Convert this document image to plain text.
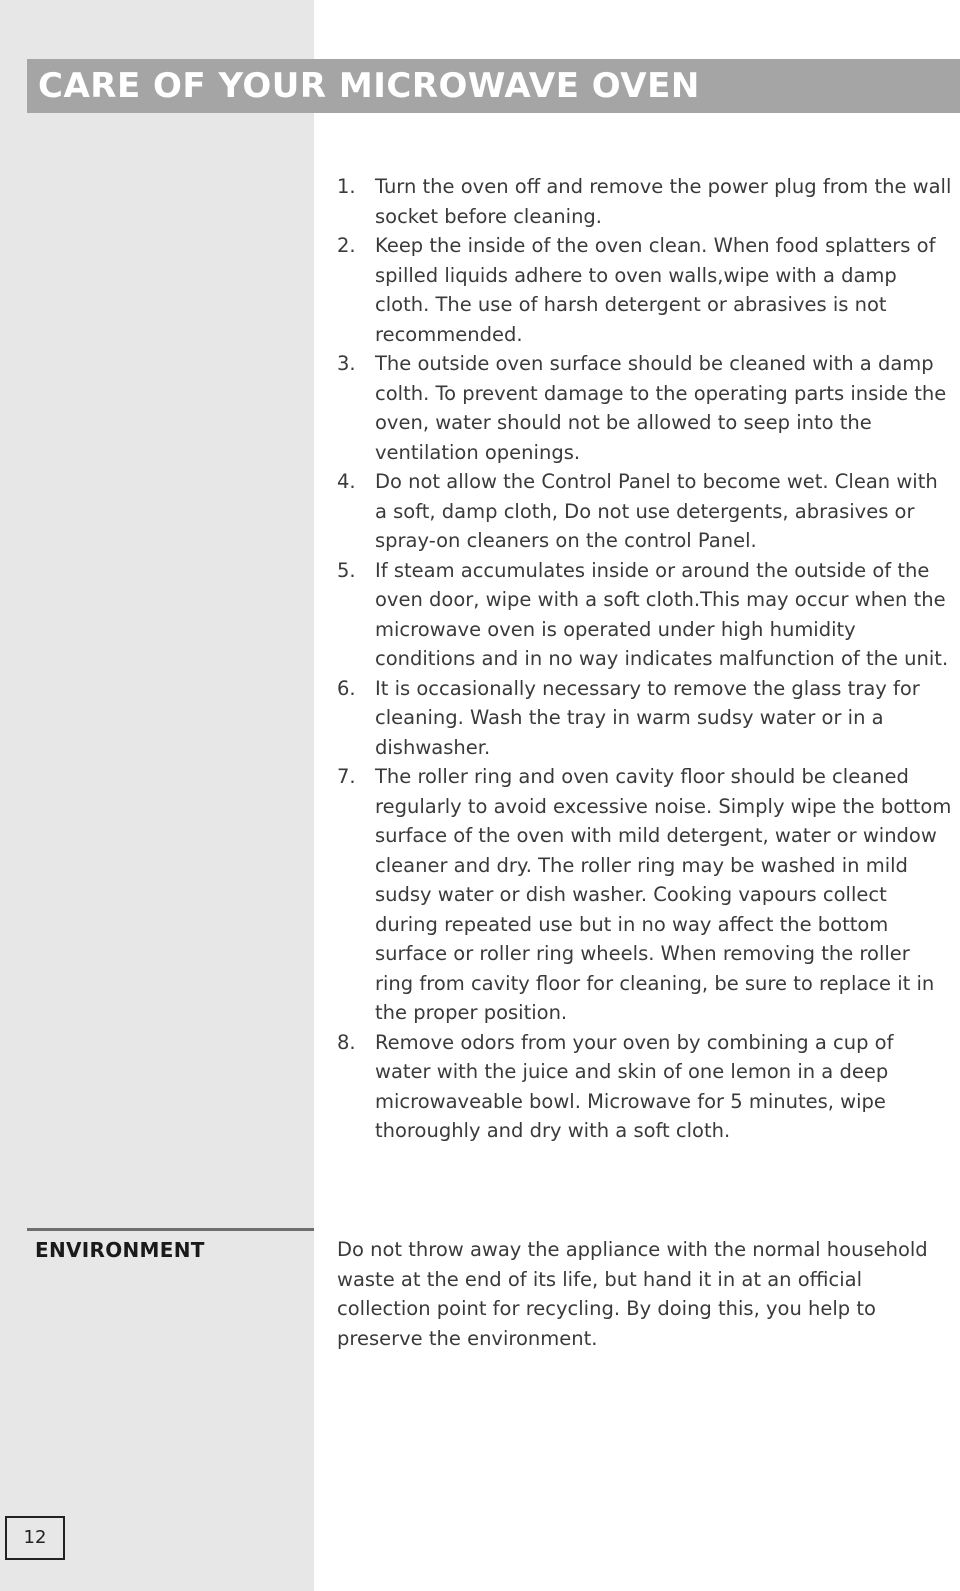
CARE OF YOUR MICROWAVE OVEN
1. Turn the oven off and remove the power plug from the wall socket before cleaning.
2. Keep the inside of the oven clean. When food splatters of spilled liquids adhere to oven walls,wipe with a damp cloth. The use of harsh detergent or abrasives is not recommended.
3. The outside oven surface should be cleaned with a damp colth. To prevent damage to the operating parts inside the oven, water should not be allowed to seep into the ventilation openings.
4. Do not allow the Control Panel to become wet. Clean with a soft, damp cloth, Do not use detergents, abrasives or spray-on cleaners on the control Panel.
5. If steam accumulates inside or around the outside of the oven door, wipe with a soft cloth.This may occur when the microwave oven is operated under high humidity conditions and in no way indicates malfunction of the unit.
6. It is occasionally necessary to remove the glass tray for cleaning. Wash the tray in warm sudsy water or in a dishwasher.
7. The roller ring and oven cavity floor should be cleaned regularly to avoid excessive noise. Simply wipe the bottom surface of the oven with mild detergent, water or window cleaner and dry. The roller ring may be washed in mild sudsy water or dish washer. Cooking vapours collect during repeated use but in no way affect the bottom surface or roller ring wheels. When removing the roller ring from cavity floor for cleaning, be sure to replace it in the proper position.
8. Remove odors from your oven by combining a cup of water with the juice and skin of one lemon in a deep microwaveable bowl. Microwave for 5 minutes, wipe thoroughly and dry with a soft cloth.
ENVIRONMENT	Do not throw away the appliance with the normal household waste at the end of its life, but hand it in at an official collection point for recycling. By doing this, you help to preserve the environment.

12
